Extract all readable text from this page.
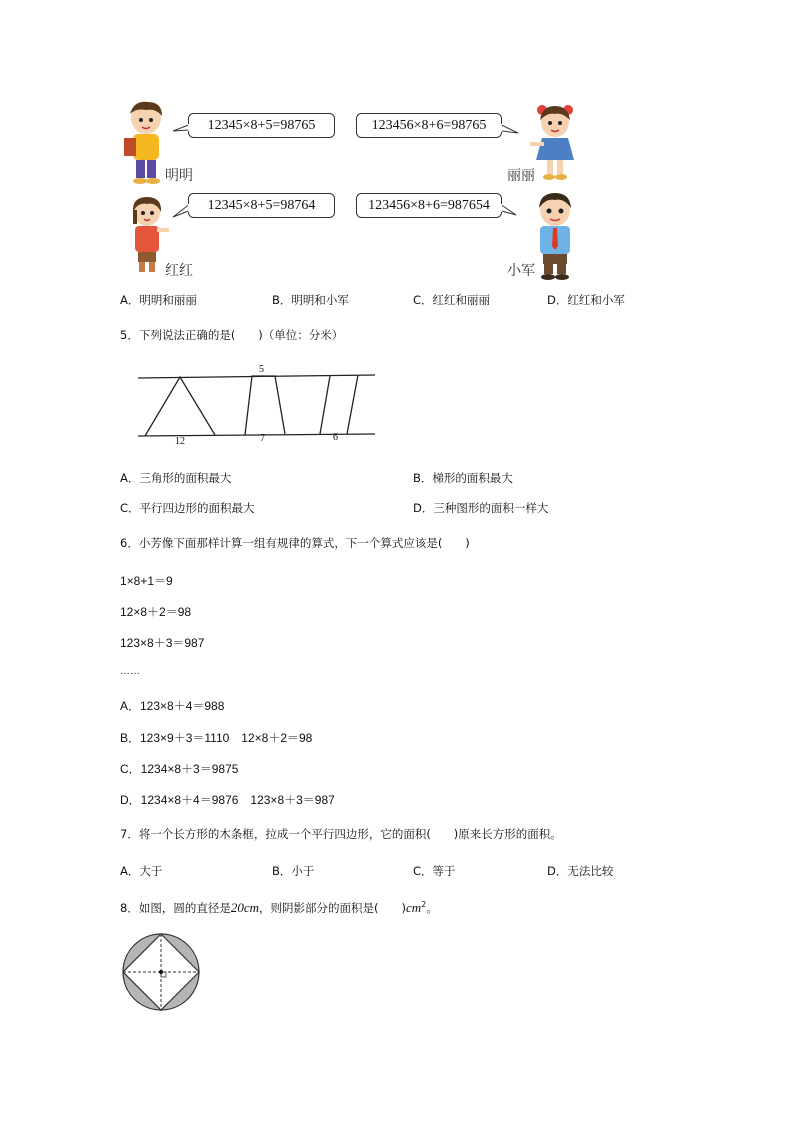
明明	丽丽
红红	小军
12345×8+5=98765	123456×8+6=98765
12345×8+5=98764	123456×8+6=987654
A．明明和丽丽	B．明明和小军	C．红红和丽丽	D．红红和小军
5．下列说法正确的是(　　)（单位：分米）
5
12	7	6
A．三角形的面积最大	B．梯形的面积最大
C．平行四边形的面积最大	D．三种图形的面积一样大
6．小芳像下面那样计算一组有规律的算式，下一个算式应该是(　　)
1×8+1＝9
12×8＋2＝98
123×8＋3＝987
……
A．123×8＋4＝988
B．123×9＋3＝1110　12×8＋2＝98
C．1234×8＋3＝9875
D．1234×8＋4＝9876　123×8＋3＝987
7．将一个长方形的木条框，拉成一个平行四边形，它的面积(　　)原来长方形的面积。
A．大于	B．小于	C．等于	D．无法比较
8．如图，圆的直径是20cm，则阴影部分的面积是(　　)$cm^2$。
